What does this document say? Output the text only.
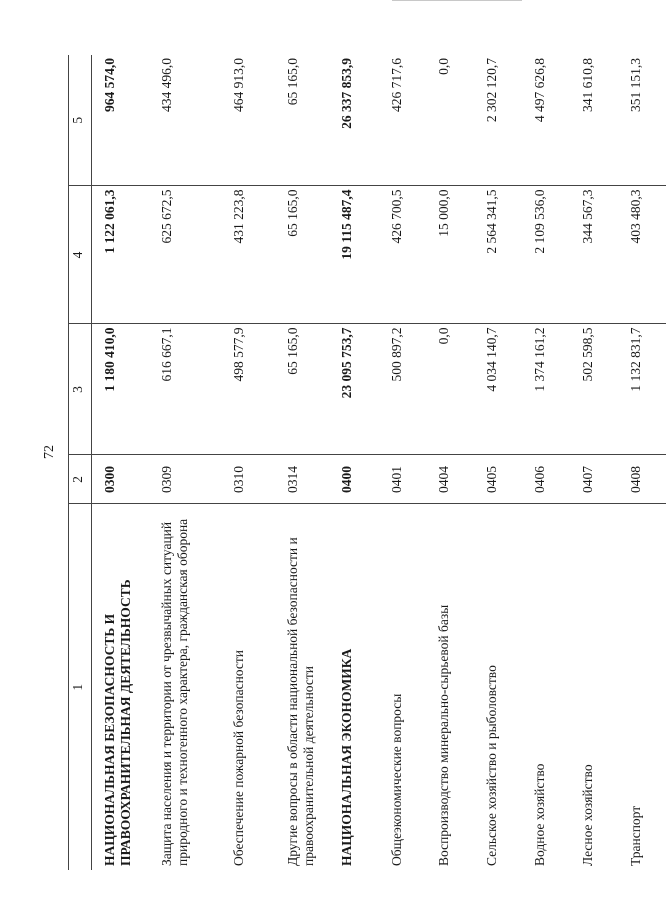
72
1	2	3	4	5
НАЦИОНАЛЬНАЯ БЕЗОПАСНОСТЬ И ПРАВООХРАНИТЕЛЬНАЯ ДЕЯТЕЛЬНОСТЬ	0300	1 180 410,0	1 122 061,3	964 574,0
Защита населения и территории от чрезвычайных ситуаций природного и техногенного характера, гражданская оборона	0309	616 667,1	625 672,5	434 496,0
Обеспечение пожарной безопасности	0310	498 577,9	431 223,8	464 913,0
Другие вопросы в области национальной безопасности и правоохранительной деятельности	0314	65 165,0	65 165,0	65 165,0
НАЦИОНАЛЬНАЯ ЭКОНОМИКА	0400	23 095 753,7	19 115 487,4	26 337 853,9
Общеэкономические вопросы	0401	500 897,2	426 700,5	426 717,6
Воспроизводство минерально-сырьевой базы	0404	0,0	15 000,0	0,0
Сельское хозяйство и рыболовство	0405	4 034 140,7	2 564 341,5	2 302 120,7
Водное хозяйство	0406	1 374 161,2	2 109 536,0	4 497 626,8
Лесное хозяйство	0407	502 598,5	344 567,3	341 610,8
Транспорт	0408	1 132 831,7	403 480,3	351 151,3
